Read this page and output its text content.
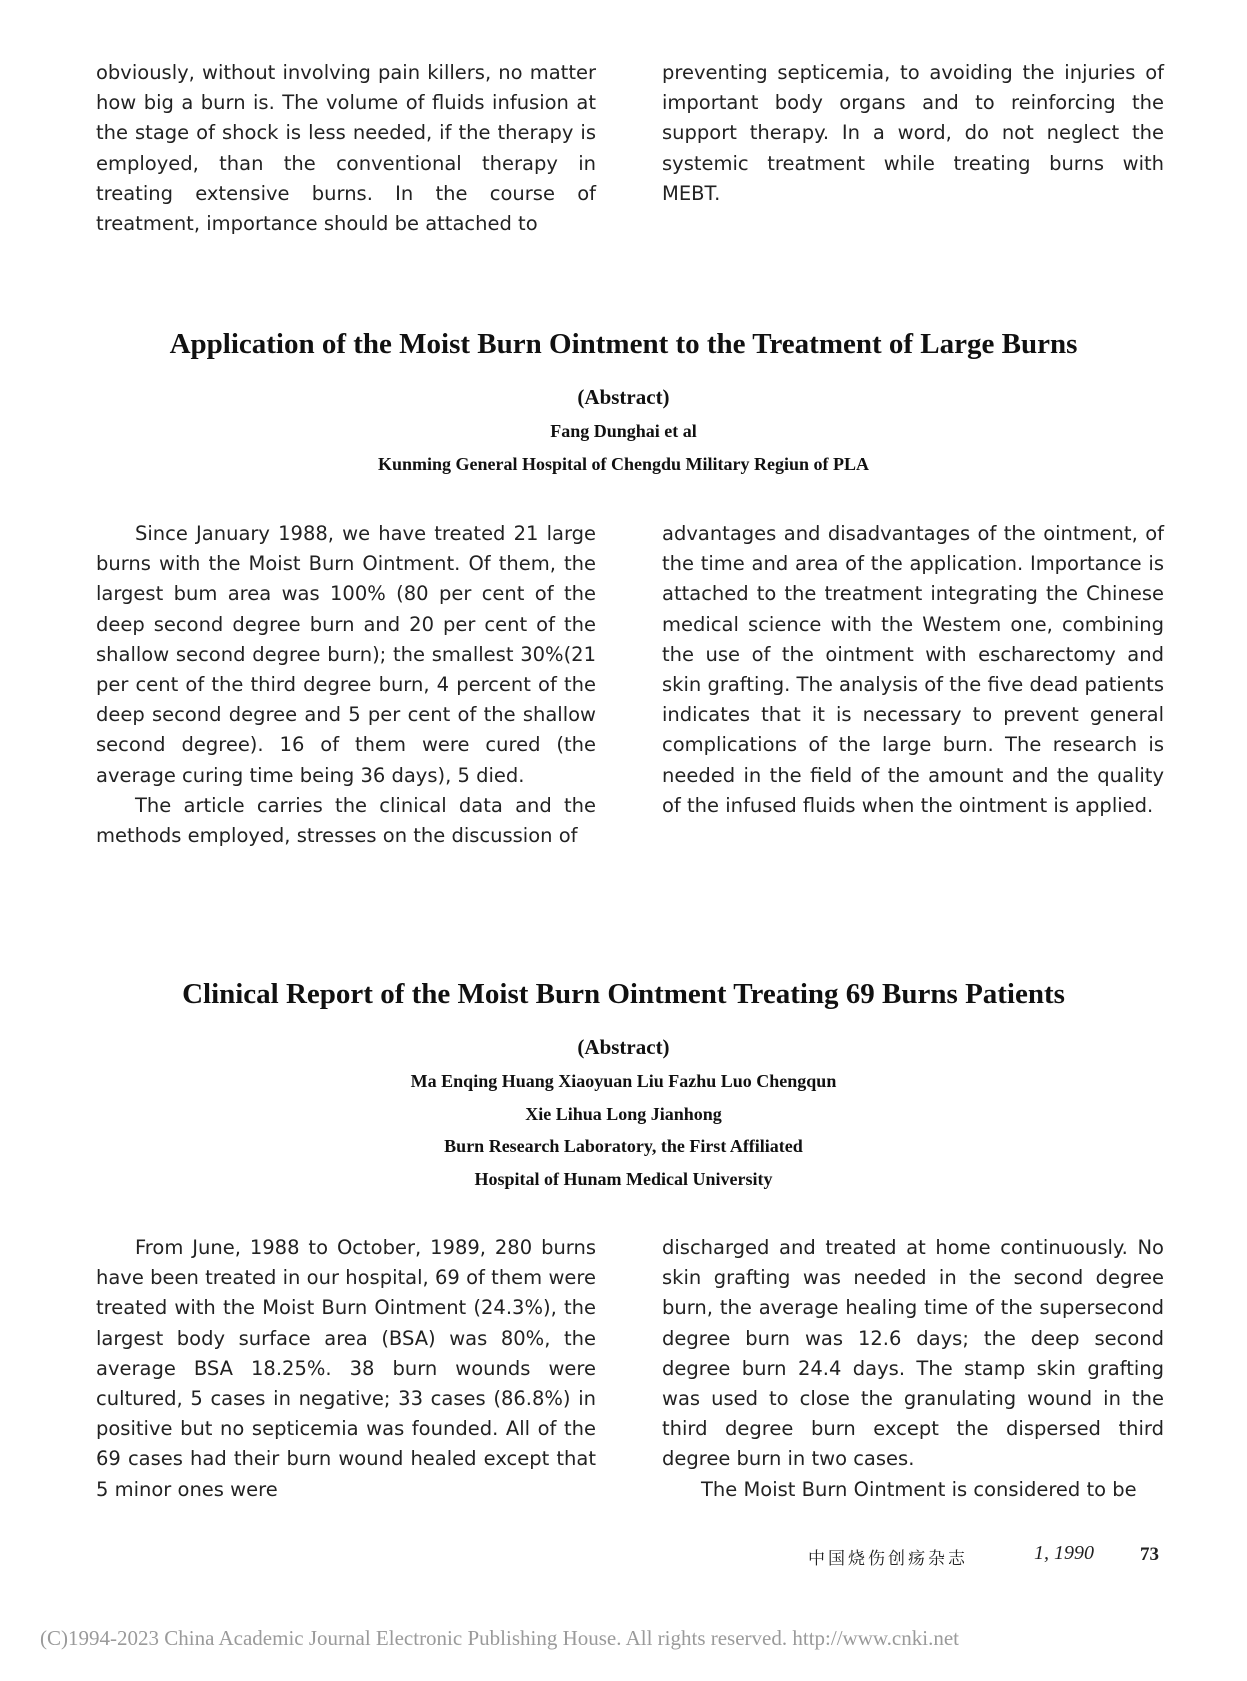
obviously, without involving pain killers, no matter how big a burn is. The volume of fluids infusion at the stage of shock is less needed, if the therapy is employed, than the conventional therapy in treating extensive burns. In the course of treatment, importance should be attached to

preventing septicemia, to avoiding the injuries of important body organs and to reinforcing the support therapy. In a word, do not neglect the systemic treatment while treating burns with MEBT.

Application of the Moist Burn Ointment to the Treatment of Large Burns
(Abstract)
Fang Dunghai et al
Kunming General Hospital of Chengdu Military Regiun of PLA

Since January 1988, we have treated 21 large burns with the Moist Burn Ointment. Of them, the largest bum area was 100% (80 per cent of the deep second degree burn and 20 per cent of the shallow second degree burn); the smallest 30%(21 per cent of the third degree burn, 4 percent of the deep second degree and 5 per cent of the shallow second degree). 16 of them were cured (the average curing time being 36 days), 5 died.

The article carries the clinical data and the methods employed, stresses on the discussion of

advantages and disadvantages of the ointment, of the time and area of the application. Importance is attached to the treatment integrating the Chinese medical science with the Westem one, combining the use of the ointment with escharectomy and skin grafting. The analysis of the five dead patients indicates that it is necessary to prevent general complications of the large burn. The research is needed in the field of the amount and the quality of the infused fluids when the ointment is applied.

Clinical Report of the Moist Burn Ointment Treating 69 Burns Patients
(Abstract)
Ma Enqing Huang Xiaoyuan Liu Fazhu Luo Chengqun
Xie Lihua Long Jianhong
Burn Research Laboratory, the First Affiliated
Hospital of Hunam Medical University

From June, 1988 to October, 1989, 280 burns have been treated in our hospital, 69 of them were treated with the Moist Burn Ointment (24.3%), the largest body surface area (BSA) was 80%, the average BSA 18.25%. 38 burn wounds were cultured, 5 cases in negative; 33 cases (86.8%) in positive but no septicemia was founded. All of the 69 cases had their burn wound healed except that 5 minor ones were

discharged and treated at home continuously. No skin grafting was needed in the second degree burn, the average healing time of the supersecond degree burn was 12.6 days; the deep second degree burn 24.4 days. The stamp skin grafting was used to close the granulating wound in the third degree burn except the dispersed third degree burn in two cases.

The Moist Burn Ointment is considered to be

中国烧伤创疡杂志	1, 1990 73
(C)1994-2023 China Academic Journal Electronic Publishing House. All rights reserved. http://www.cnki.net
